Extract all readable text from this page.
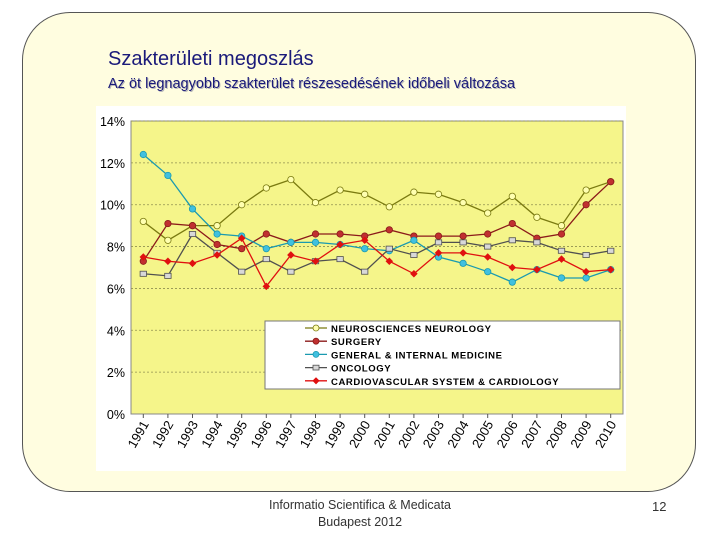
Szakterületi megoszlás
Az öt legnagyobb szakterület részesedésének időbeli változása
0%
2%
4%
6%
8%
10%
12%
14%
1991
1992
1993
1994
1995
1996
1997
1998
1999
2000
2001
2002
2003
2004
2005
2006
2007
2008
2009
2010
NEUROSCIENCES NEUROLOGY
SURGERY
GENERAL & INTERNAL MEDICINE
ONCOLOGY
CARDIOVASCULAR SYSTEM & CARDIOLOGY
Informatio Scientifica & Medicata
Budapest 2012
12
